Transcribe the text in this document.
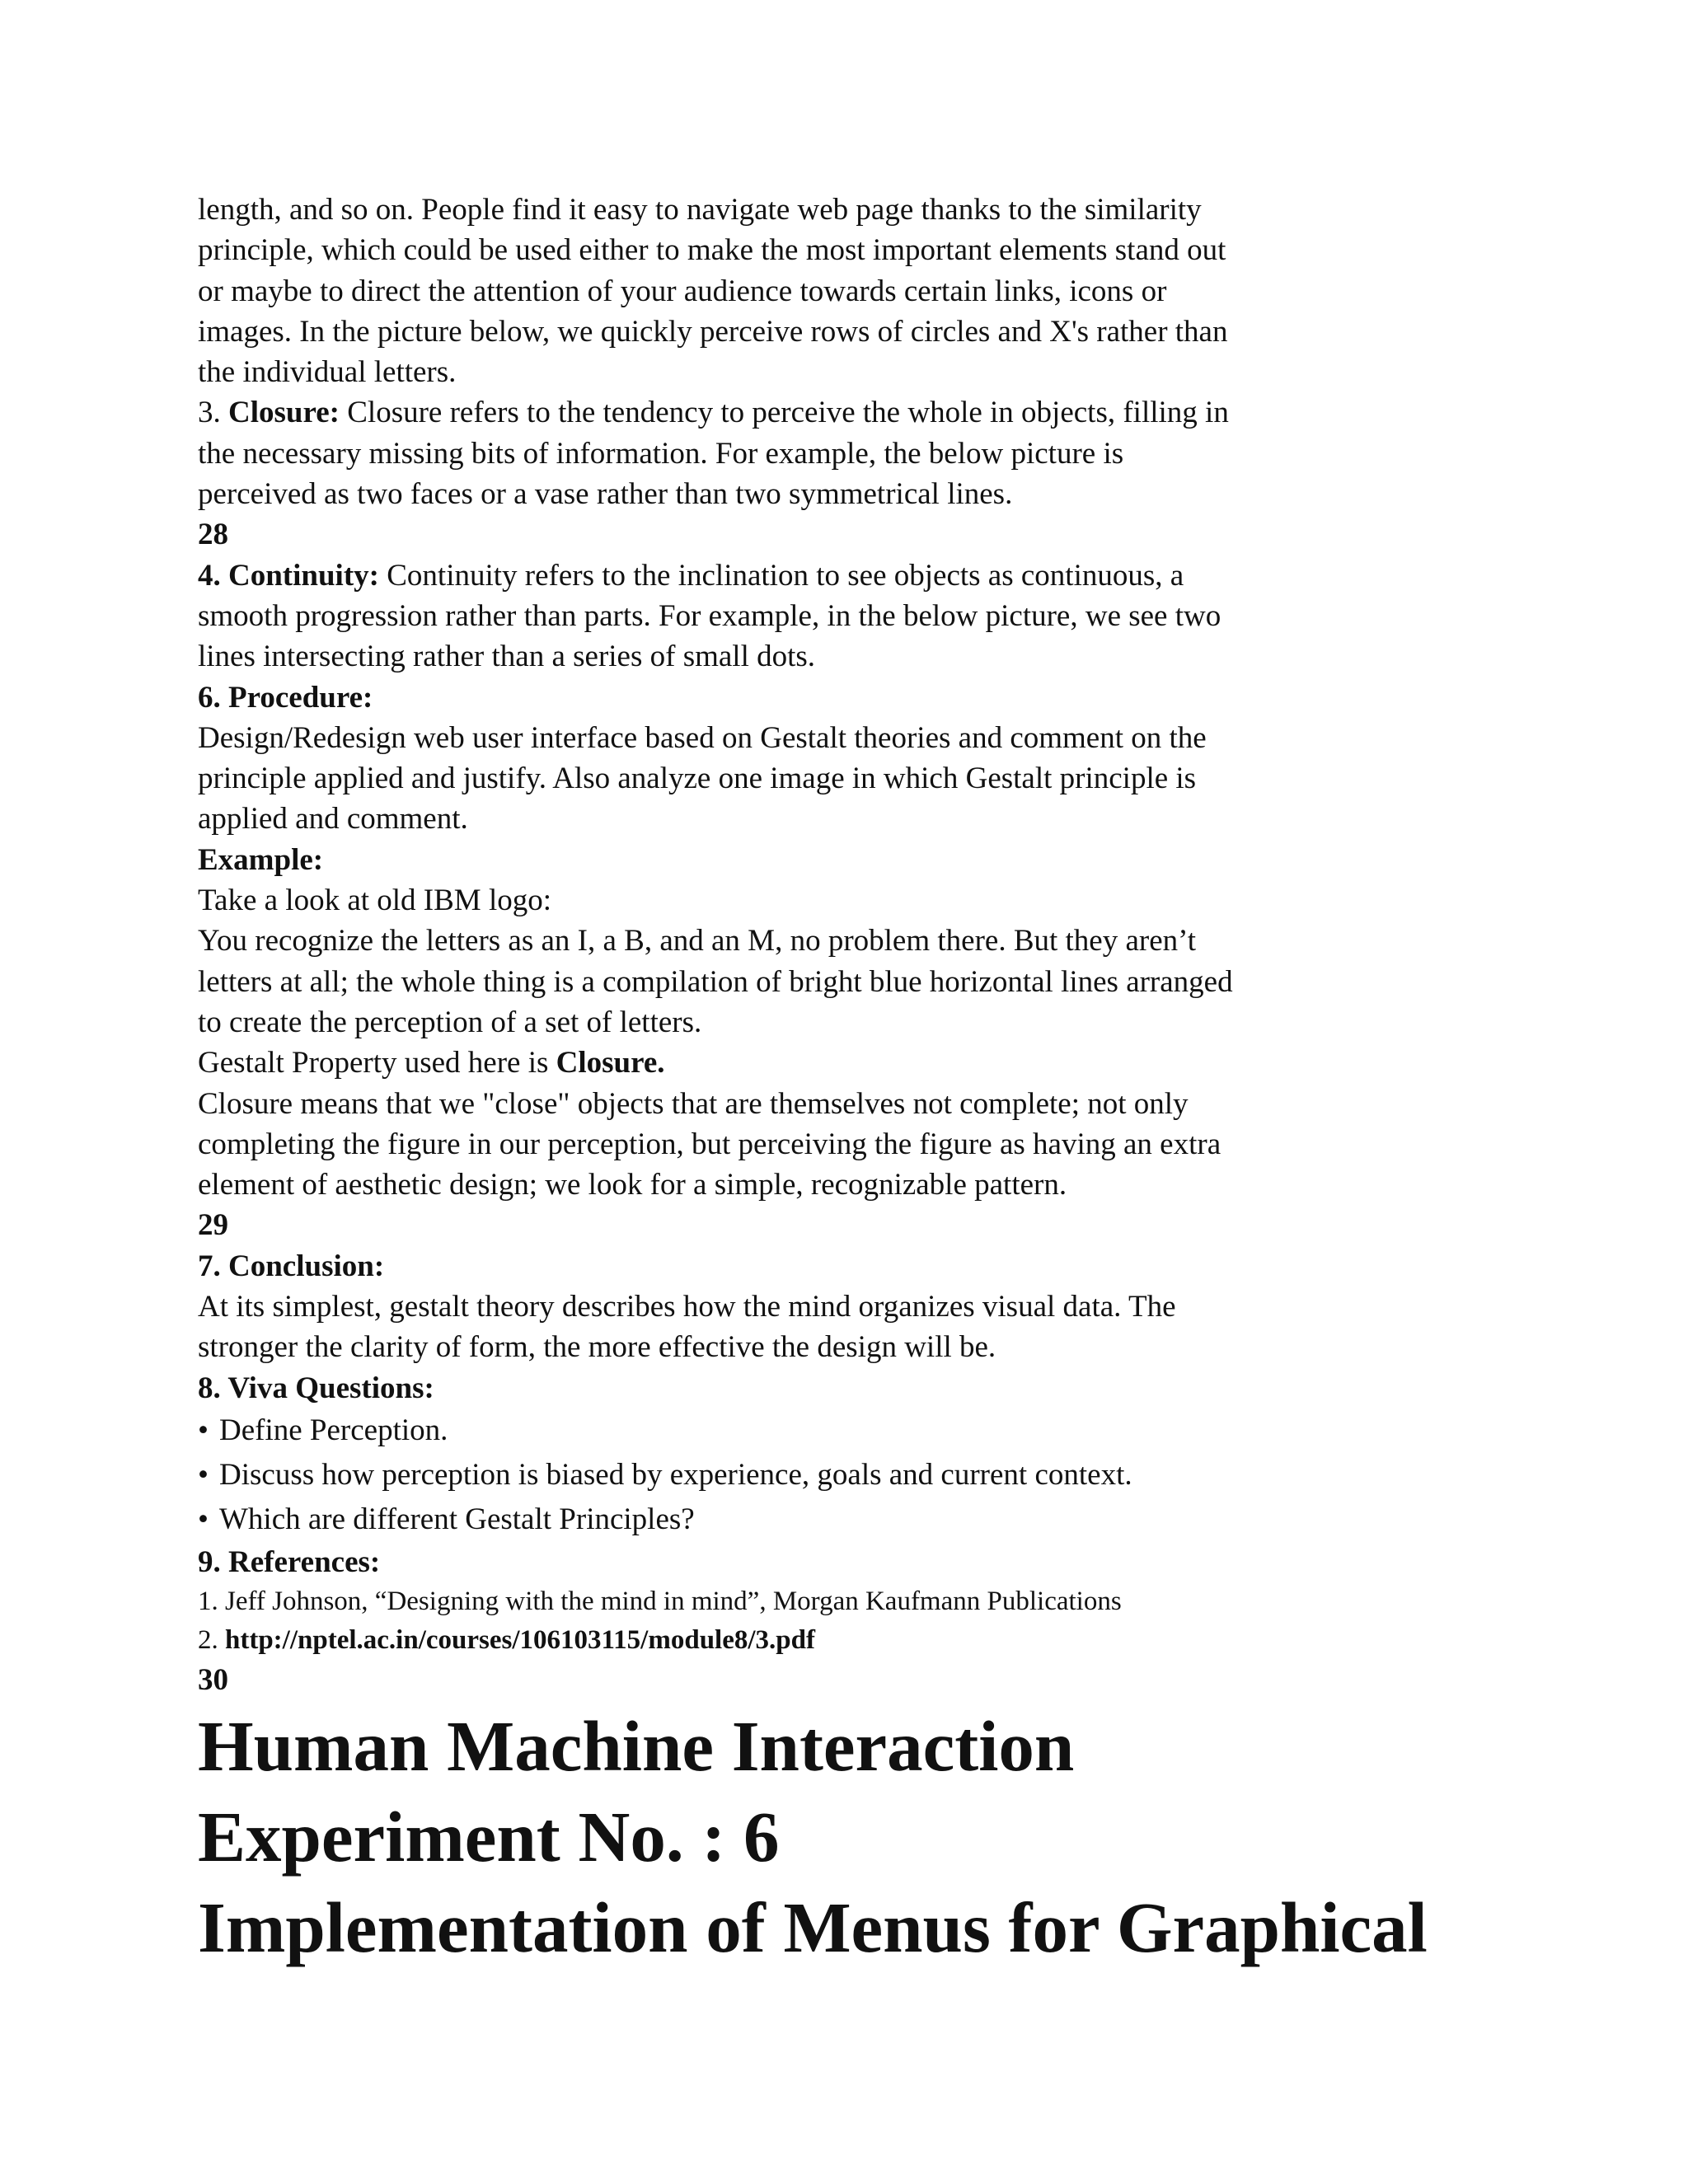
length, and so on. People find it easy to navigate web page thanks to the similarity
principle, which could be used either to make the most important elements stand out
or maybe to direct the attention of your audience towards certain links, icons or
images. In the picture below, we quickly perceive rows of circles and X's rather than
the individual letters.
3. Closure: Closure refers to the tendency to perceive the whole in objects, filling in
the necessary missing bits of information. For example, the below picture is
perceived as two faces or a vase rather than two symmetrical lines.
28
4. Continuity: Continuity refers to the inclination to see objects as continuous, a
smooth progression rather than parts. For example, in the below picture, we see two
lines intersecting rather than a series of small dots.
6. Procedure:
Design/Redesign web user interface based on Gestalt theories and comment on the
principle applied and justify. Also analyze one image in which Gestalt principle is
applied and comment.
Example:
Take a look at old IBM logo:
You recognize the letters as an I, a B, and an M, no problem there. But they aren’t
letters at all; the whole thing is a compilation of bright blue horizontal lines arranged
to create the perception of a set of letters.
Gestalt Property used here is Closure.
Closure means that we "close" objects that are themselves not complete; not only
completing the figure in our perception, but perceiving the figure as having an extra
element of aesthetic design; we look for a simple, recognizable pattern.
29
7. Conclusion:
At its simplest, gestalt theory describes how the mind organizes visual data. The
stronger the clarity of form, the more effective the design will be.
8. Viva Questions:
• Define Perception.
• Discuss how perception is biased by experience, goals and current context.
• Which are different Gestalt Principles?
9. References:
1. Jeff Johnson, “Designing with the mind in mind”, Morgan Kaufmann Publications
2. http://nptel.ac.in/courses/106103115/module8/3.pdf
30
Human Machine Interaction
Experiment No. : 6
Implementation of Menus for Graphical
